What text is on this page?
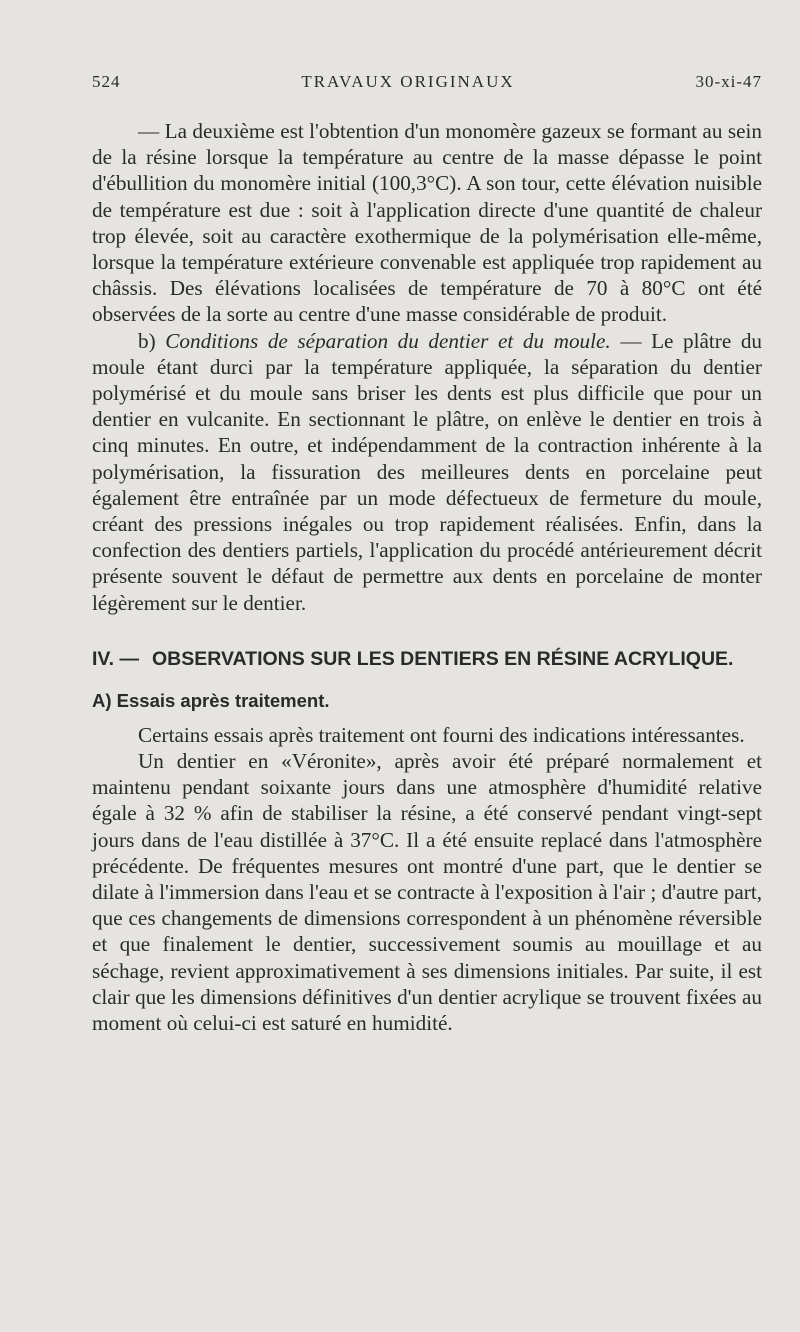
524	TRAVAUX ORIGINAUX	30-xi-47

— La deuxième est l'obtention d'un monomère gazeux se formant au sein de la résine lorsque la température au centre de la masse dépasse le point d'ébullition du monomère initial (100,3°C). A son tour, cette élévation nuisible de température est due : soit à l'application directe d'une quantité de chaleur trop élevée, soit au caractère exothermique de la polymérisation elle-même, lorsque la température extérieure convenable est appliquée trop rapidement au châssis. Des élévations localisées de température de 70 à 80°C ont été observées de la sorte au centre d'une masse considérable de produit.

b) Conditions de séparation du dentier et du moule. — Le plâtre du moule étant durci par la température appliquée, la séparation du dentier polymérisé et du moule sans briser les dents est plus difficile que pour un dentier en vulcanite. En sectionnant le plâtre, on enlève le dentier en trois à cinq minutes. En outre, et indépendamment de la contraction inhérente à la polymérisation, la fissuration des meilleures dents en porcelaine peut également être entraînée par un mode défectueux de fermeture du moule, créant des pressions inégales ou trop rapidement réalisées. Enfin, dans la confection des dentiers partiels, l'application du procédé antérieurement décrit présente souvent le défaut de permettre aux dents en porcelaine de monter légèrement sur le dentier.

IV. — OBSERVATIONS SUR LES DENTIERS EN RÉSINE ACRYLIQUE.
A) Essais après traitement.

Certains essais après traitement ont fourni des indications intéressantes.

Un dentier en «Véronite», après avoir été préparé normalement et maintenu pendant soixante jours dans une atmosphère d'humidité relative égale à 32 % afin de stabiliser la résine, a été conservé pendant vingt-sept jours dans de l'eau distillée à 37°C. Il a été ensuite replacé dans l'atmosphère précédente. De fréquentes mesures ont montré d'une part, que le dentier se dilate à l'immersion dans l'eau et se contracte à l'exposition à l'air ; d'autre part, que ces changements de dimensions correspondent à un phénomène réversible et que finalement le dentier, successivement soumis au mouillage et au séchage, revient approximativement à ses dimensions initiales. Par suite, il est clair que les dimensions définitives d'un dentier acrylique se trouvent fixées au moment où celui-ci est saturé en humidité.
